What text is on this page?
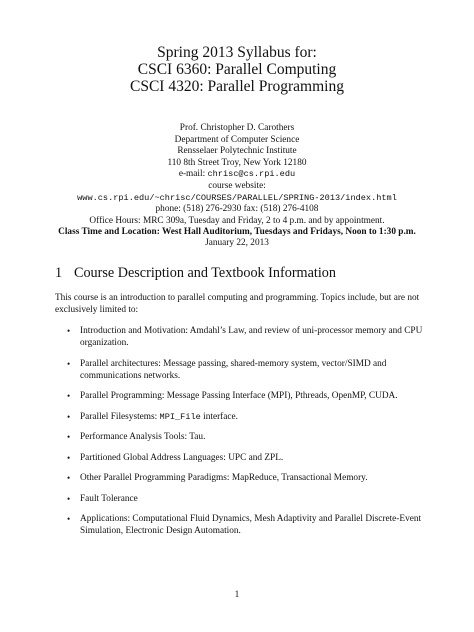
Spring 2013 Syllabus for:
CSCI 6360: Parallel Computing
CSCI 4320: Parallel Programming
Prof. Christopher D. Carothers
Department of Computer Science
Rensselaer Polytechnic Institute
110 8th Street Troy, New York 12180
e-mail: chrisc@cs.rpi.edu
course website:
www.cs.rpi.edu/~chrisc/COURSES/PARALLEL/SPRING-2013/index.html
phone: (518) 276-2930 fax: (518) 276-4108
Office Hours: MRC 309a, Tuesday and Friday, 2 to 4 p.m. and by appointment.
Class Time and Location: West Hall Auditorium, Tuesdays and Fridays, Noon to 1:30 p.m.
January 22, 2013
1 Course Description and Textbook Information
This course is an introduction to parallel computing and programming. Topics include, but are not exclusively limited to:
• Introduction and Motivation: Amdahl’s Law, and review of uni-processor memory and CPU organization.
• Parallel architectures: Message passing, shared-memory system, vector/SIMD and communications networks.
• Parallel Programming: Message Passing Interface (MPI), Pthreads, OpenMP, CUDA.
• Parallel Filesystems: MPI_File interface.
• Performance Analysis Tools: Tau.
• Partitioned Global Address Languages: UPC and ZPL.
• Other Parallel Programming Paradigms: MapReduce, Transactional Memory.
• Fault Tolerance
• Applications: Computational Fluid Dynamics, Mesh Adaptivity and Parallel Discrete-Event Simulation, Electronic Design Automation.
1
